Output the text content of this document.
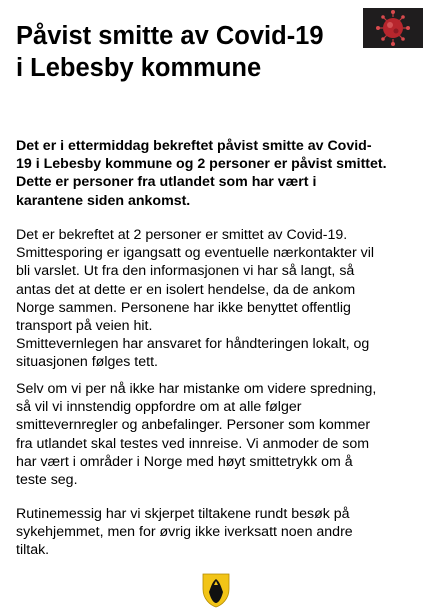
Påvist smitte av Covid-19
i Lebesby kommune

Det er i ettermiddag bekreftet påvist smitte av Covid-
19 i Lebesby kommune og 2 personer er påvist smittet.
Dette er personer fra utlandet som har vært i
karantene siden ankomst.

Det er bekreftet at 2 personer er smittet av Covid-19.
Smittesporing er igangsatt og eventuelle nærkontakter vil
bli varslet. Ut fra den informasjonen vi har så langt, så
antas det at dette er en isolert hendelse, da de ankom
Norge sammen. Personene har ikke benyttet offentlig
transport på veien hit.
Smittevernlegen har ansvaret for håndteringen lokalt, og
situasjonen følges tett.

Selv om vi per nå ikke har mistanke om videre spredning,
så vil vi innstendig oppfordre om at alle følger
smittevernregler og anbefalinger. Personer som kommer
fra utlandet skal testes ved innreise. Vi anmoder de som
har vært i områder i Norge med høyt smittetrykk om å
teste seg.

Rutinemessig har vi skjerpet tiltakene rundt besøk på
sykehjemmet, men for øvrig ikke iverksatt noen andre
tiltak.
